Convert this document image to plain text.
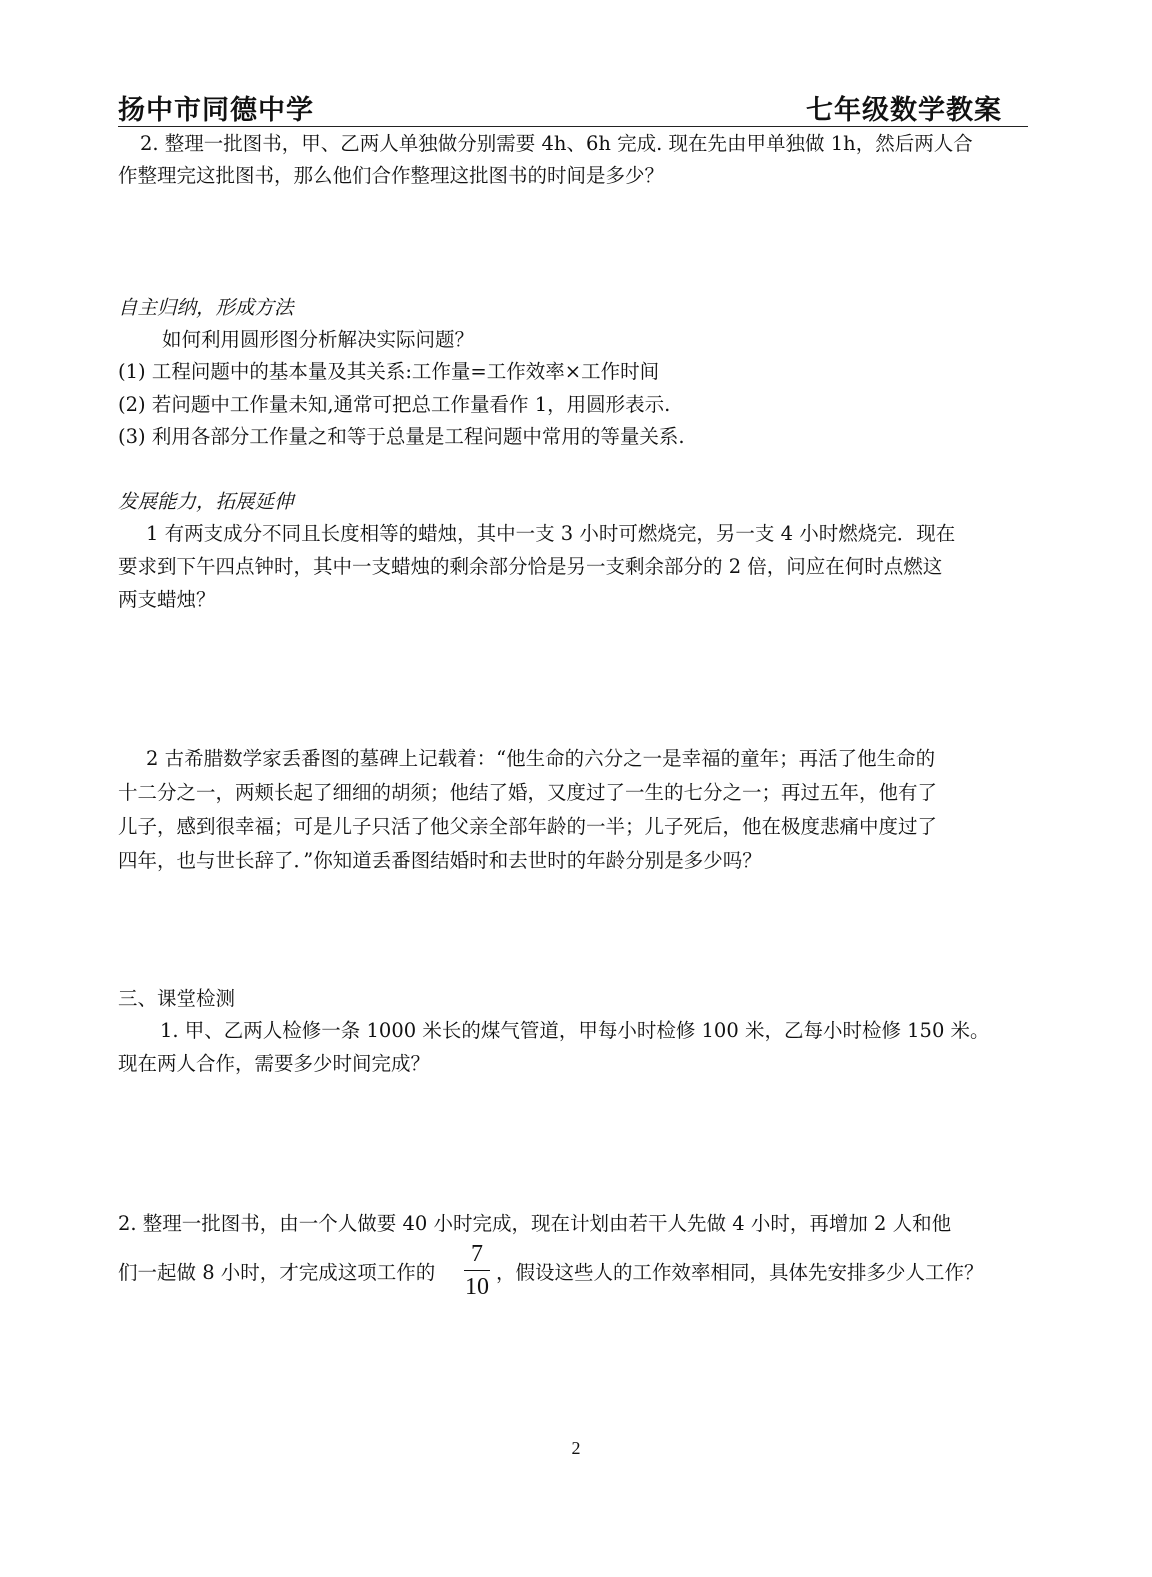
扬中市同德中学	七年级数学教案
2. 整理一批图书，甲、乙两人单独做分别需要 4h、6h 完成. 现在先由甲单独做 1h，然后两人合
作整理完这批图书，那么他们合作整理这批图书的时间是多少？
自主归纳，形成方法
如何利用圆形图分析解决实际问题？
(1) 工程问题中的基本量及其关系:工作量=工作效率×工作时间
(2) 若问题中工作量未知,通常可把总工作量看作 1，用圆形表示.
(3) 利用各部分工作量之和等于总量是工程问题中常用的等量关系.
发展能力，拓展延伸
1 有两支成分不同且长度相等的蜡烛，其中一支 3 小时可燃烧完，另一支 4 小时燃烧完．现在
要求到下午四点钟时，其中一支蜡烛的剩余部分恰是另一支剩余部分的 2 倍，问应在何时点燃这
两支蜡烛？
2 古希腊数学家丢番图的墓碑上记载着：“他生命的六分之一是幸福的童年；再活了他生命的
十二分之一，两颊长起了细细的胡须；他结了婚，又度过了一生的七分之一；再过五年，他有了
儿子，感到很幸福；可是儿子只活了他父亲全部年龄的一半；儿子死后，他在极度悲痛中度过了
四年，也与世长辞了．”你知道丢番图结婚时和去世时的年龄分别是多少吗？
三、课堂检测
1. 甲、乙两人检修一条 1000 米长的煤气管道，甲每小时检修 100 米，乙每小时检修 150 米。
现在两人合作，需要多少时间完成？
2. 整理一批图书，由一个人做要 40 小时完成，现在计划由若干人先做 4 小时，再增加 2 人和他
们一起做 8 小时，才完成这项工作的
7
10
，假设这些人的工作效率相同，具体先安排多少人工作？
2
